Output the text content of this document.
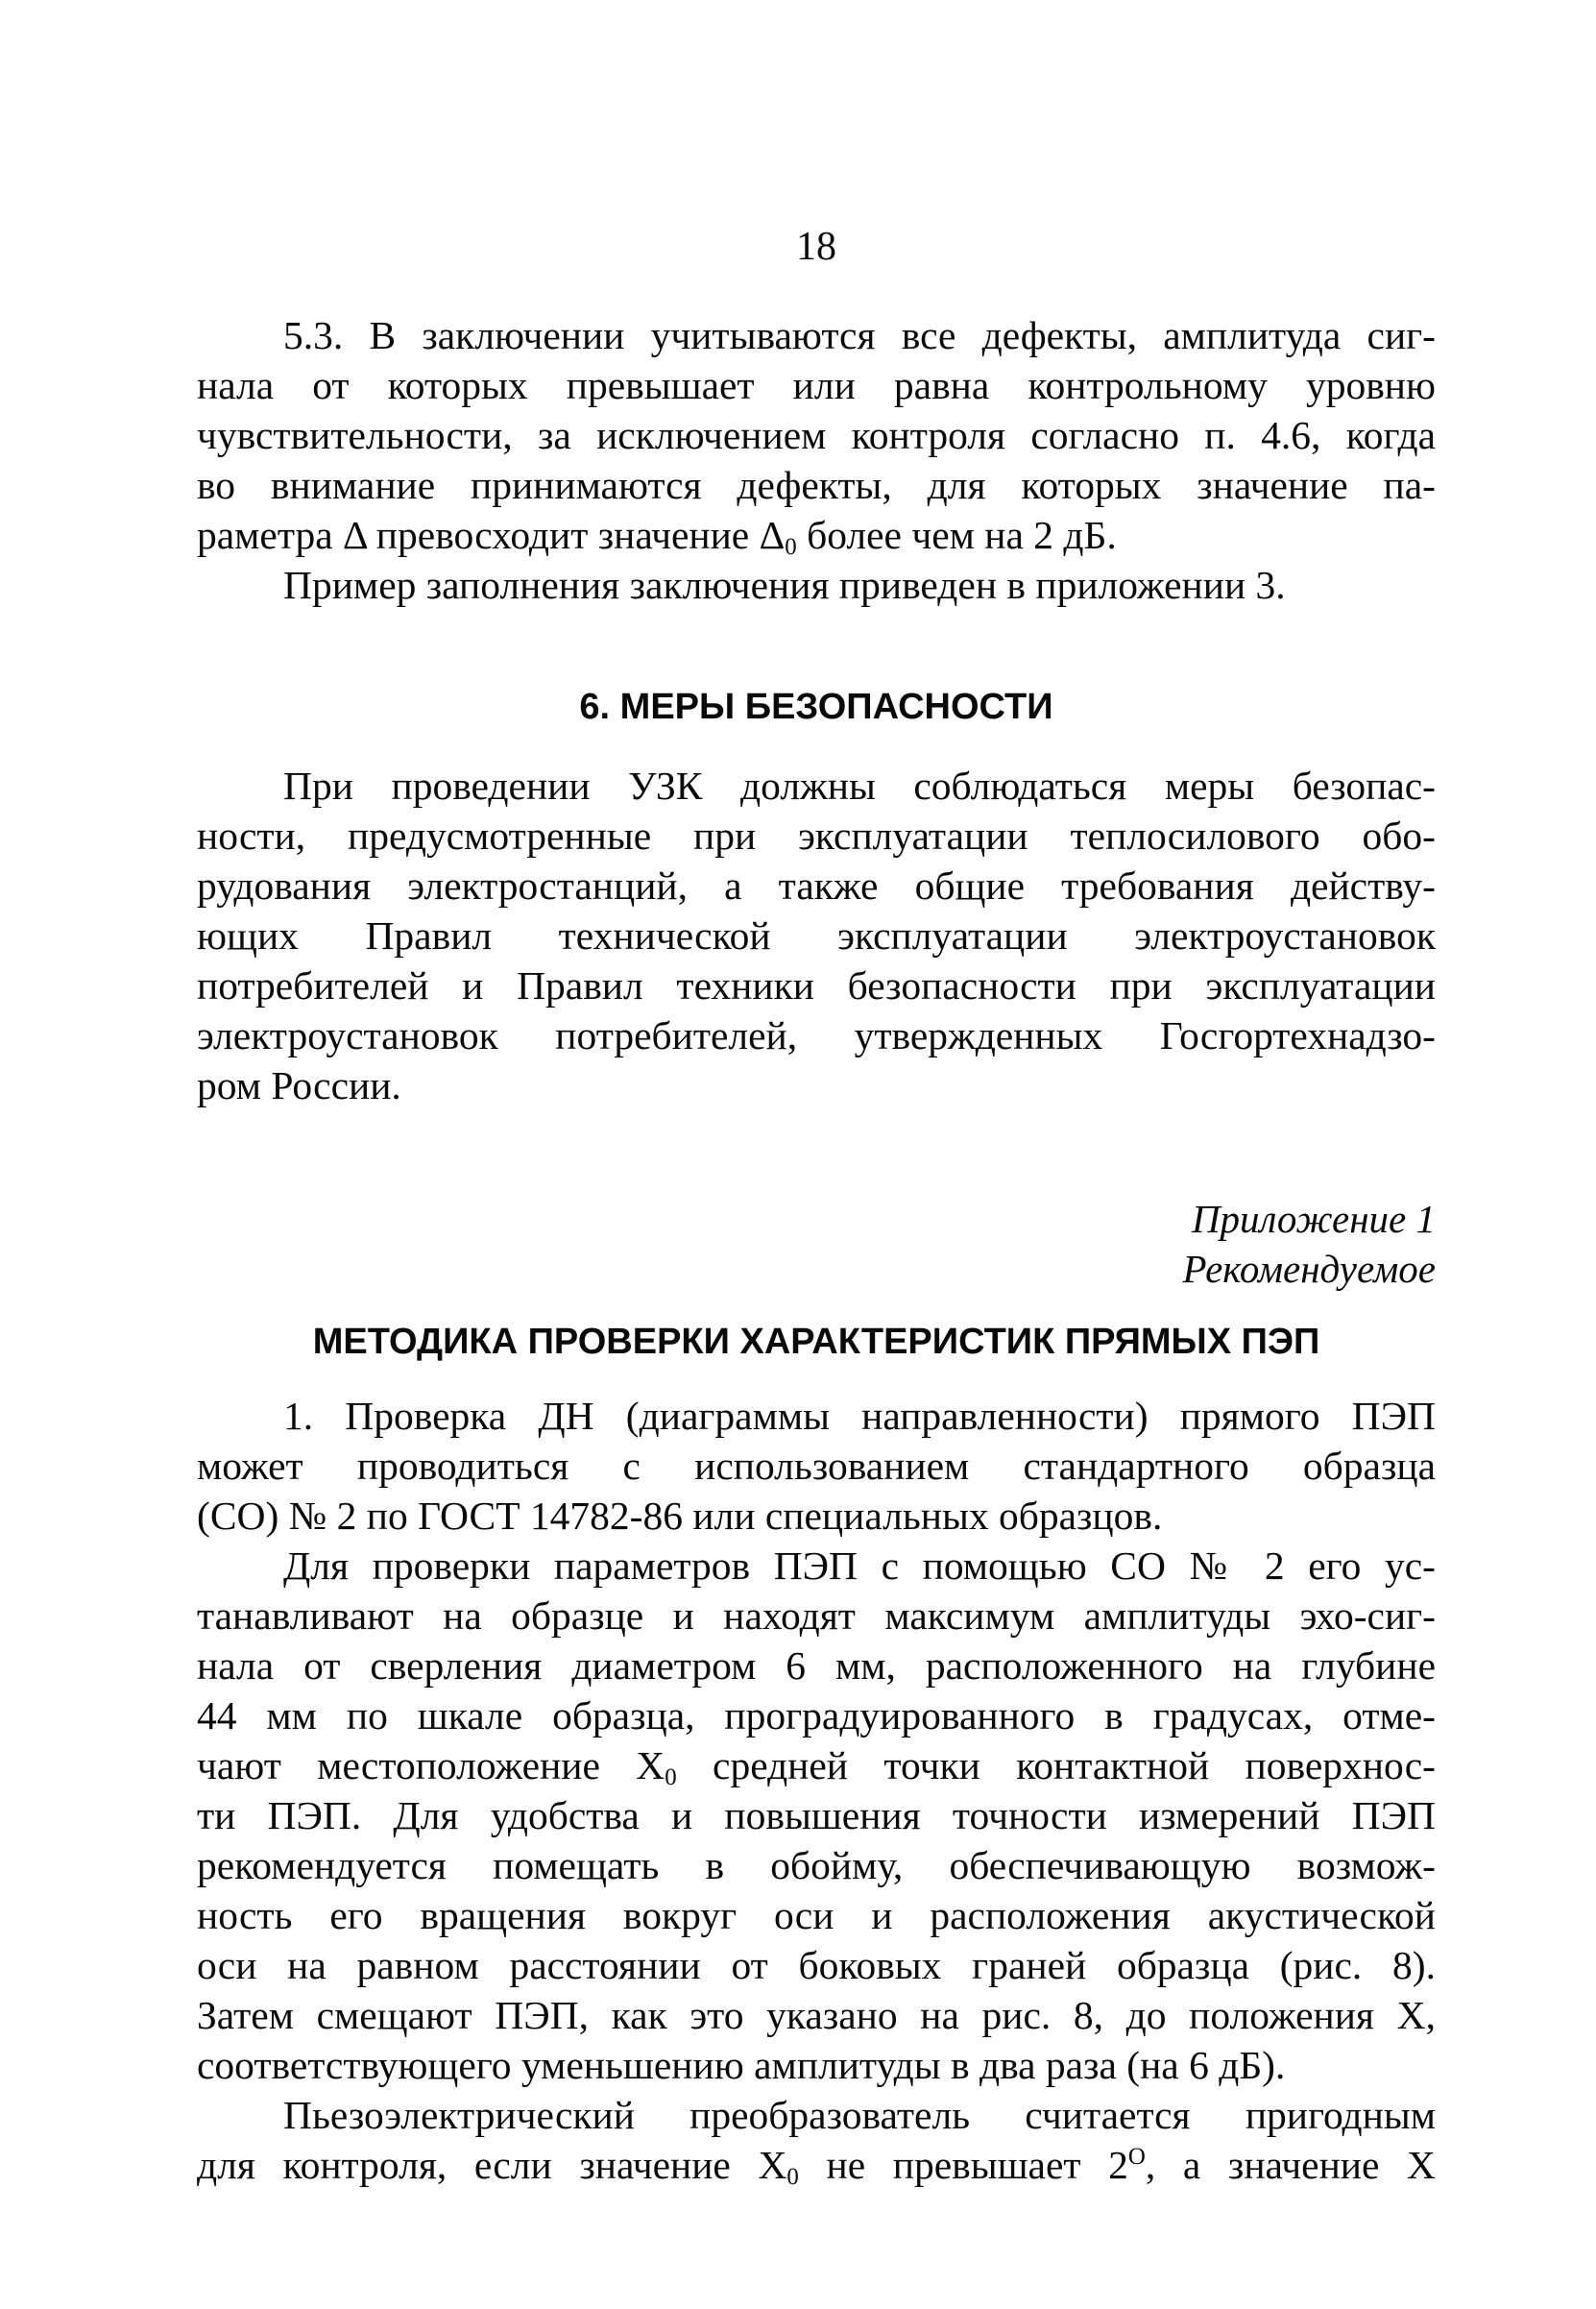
18
5.3. В заключении учитываются все дефекты, амплитуда сиг-
нала от которых превышает или равна контрольному уровню
чувствительности, за исключением контроля согласно п. 4.6, когда
во внимание принимаются дефекты, для которых значение па-
раметра Δ превосходит значение $\Delta_0$ более чем на 2 дБ.
Пример заполнения заключения приведен в приложении 3.
6. МЕРЫ БЕЗОПАСНОСТИ
При проведении УЗК должны соблюдаться меры безопас-
ности, предусмотренные при эксплуатации теплосилового обо-
рудования электростанций, а также общие требования действу-
ющих Правил технической эксплуатации электроустановок
потребителей и Правил техники безопасности при эксплуатации
электроустановок потребителей, утвержденных Госгортехнадзо-
ром России.
Приложение 1
Рекомендуемое
МЕТОДИКА ПРОВЕРКИ ХАРАКТЕРИСТИК ПРЯМЫХ ПЭП
1. Проверка ДН (диаграммы направленности) прямого ПЭП
может проводиться с использованием стандартного образца
(СО) № 2 по ГОСТ 14782-86 или специальных образцов.
Для проверки параметров ПЭП с помощью СО № 2 его ус-
танавливают на образце и находят максимум амплитуды эхо-сиг-
нала от сверления диаметром 6 мм, расположенного на глубине
44 мм по шкале образца, проградуированного в градусах, отме-
чают местоположение $X_0$ средней точки контактной поверхнос-
ти ПЭП. Для удобства и повышения точности измерений ПЭП
рекомендуется помещать в обойму, обеспечивающую возмож-
ность его вращения вокруг оси и расположения акустической
оси на равном расстоянии от боковых граней образца (рис. 8).
Затем смещают ПЭП, как это указано на рис. 8, до положения X,
соответствующего уменьшению амплитуды в два раза (на 6 дБ).
Пьезоэлектрический преобразователь считается пригодным
для контроля, если значение $X_0$ не превышает $2^O$, а значение X
